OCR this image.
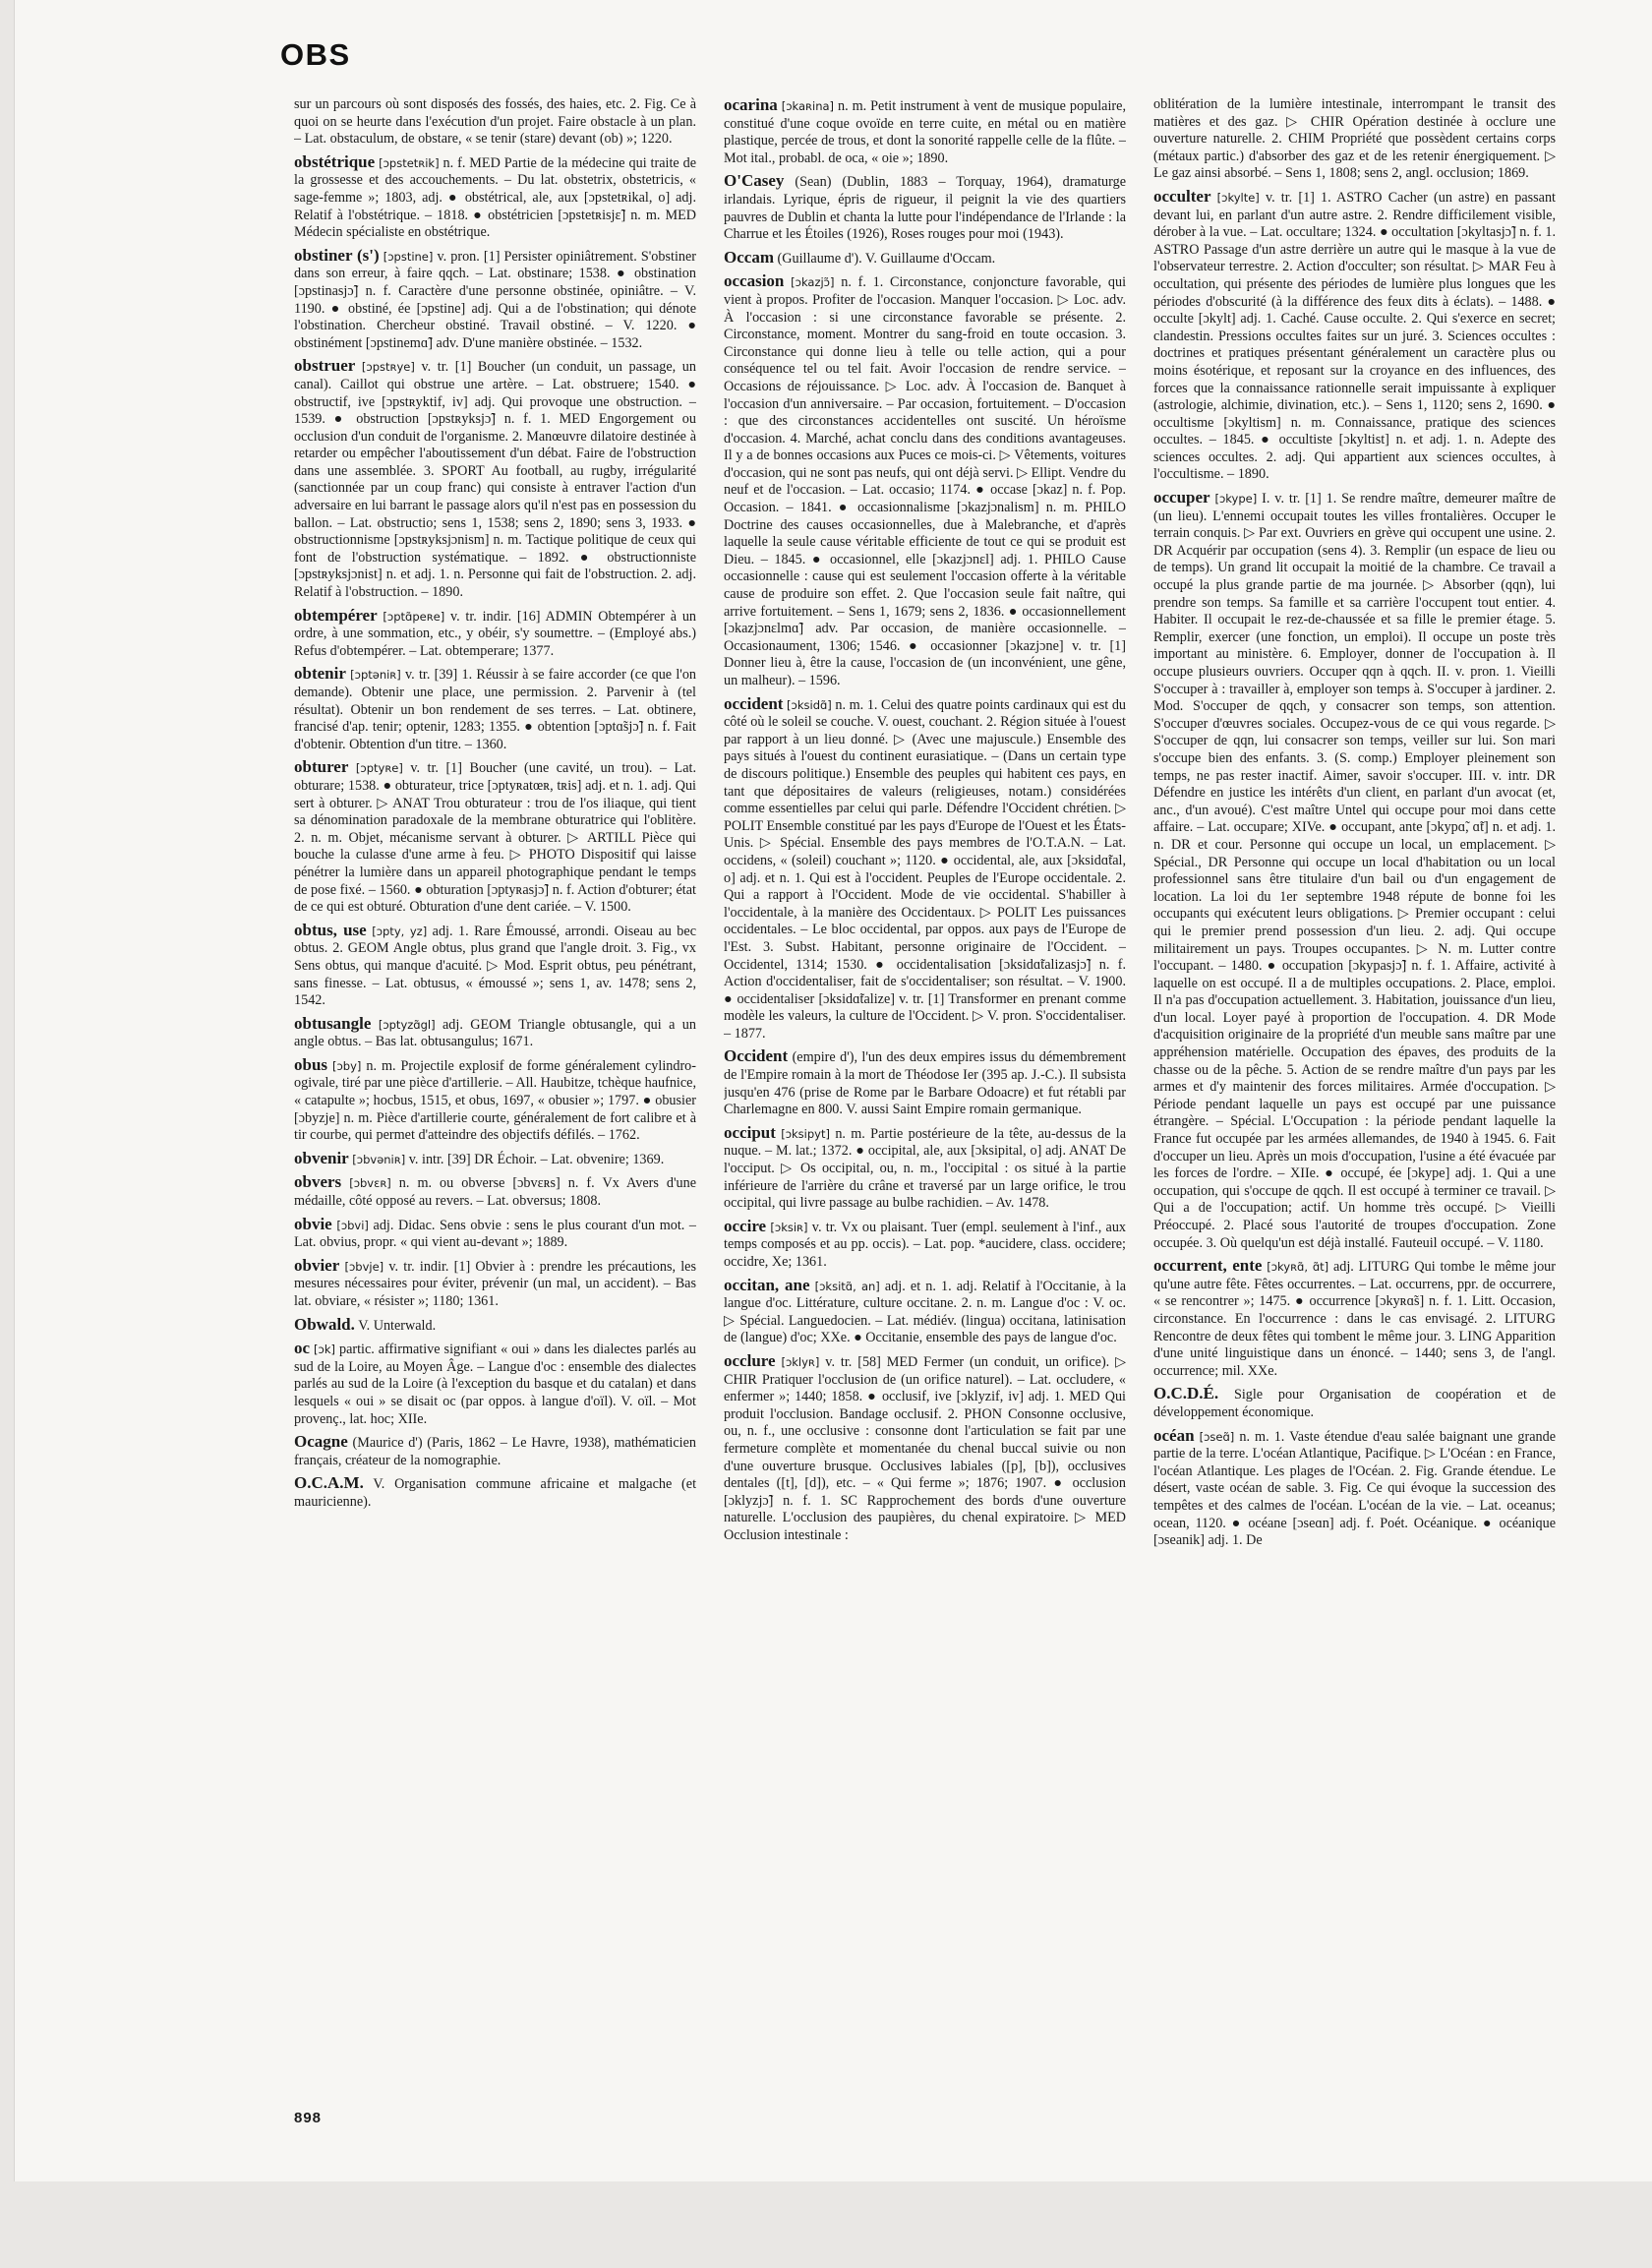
OBS

sur un parcours où sont disposés des fossés, des haies, etc. 2. Fig. Ce à quoi on se heurte dans l'exécution d'un projet. Faire obstacle à un plan. – Lat. obstaculum, de obstare, « se tenir (stare) devant (ob) »; 1220.

obstétrique [ɔpstetʀik] n. f. MED Partie de la médecine qui traite de la grossesse et des accouchements. – Du lat. obstetrix, obstetricis, « sage-femme »; 1803, adj. ● obstétrical, ale, aux [ɔpstetʀikal, o] adj. Relatif à l'obstétrique. – 1818. ● obstétricien [ɔpstetʀisjɛ̃] n. m. MED Médecin spécialiste en obstétrique.

obstiner (s') [ɔpstine] v. pron. [1] Persister opiniâtrement. S'obstiner dans son erreur, à faire qqch. – Lat. obstinare; 1538. ● obstination [ɔpstinasjɔ̃] n. f. Caractère d'une personne obstinée, opiniâtre. – V. 1190. ● obstiné, ée [ɔpstine] adj. Qui a de l'obstination; qui dénote l'obstination. Chercheur obstiné. Travail obstiné. – V. 1220. ● obstinément [ɔpstinemɑ̃] adv. D'une manière obstinée. – 1532.

obstruer [ɔpstʀye] v. tr. [1] Boucher (un conduit, un passage, un canal). Caillot qui obstrue une artère. – Lat. obstruere; 1540. ● obstructif, ive [ɔpstʀyktif, iv] adj. Qui provoque une obstruction. – 1539. ● obstruction [ɔpstʀyksjɔ̃] n. f. 1. MED Engorgement ou occlusion d'un conduit de l'organisme. 2. Manœuvre dilatoire destinée à retarder ou empêcher l'aboutissement d'un débat. Faire de l'obstruction dans une assemblée. 3. SPORT Au football, au rugby, irrégularité (sanctionnée par un coup franc) qui consiste à entraver l'action d'un adversaire en lui barrant le passage alors qu'il n'est pas en possession du ballon. – Lat. obstructio; sens 1, 1538; sens 2, 1890; sens 3, 1933. ● obstructionnisme [ɔpstʀyksjɔnism] n. m. Tactique politique de ceux qui font de l'obstruction systématique. – 1892. ● obstructionniste [ɔpstʀyksjɔnist] n. et adj. 1. n. Personne qui fait de l'obstruction. 2. adj. Relatif à l'obstruction. – 1890.

obtempérer [ɔptɑ̃peʀe] v. tr. indir. [16] ADMIN Obtempérer à un ordre, à une sommation, etc., y obéir, s'y soumettre. – (Employé abs.) Refus d'obtempérer. – Lat. obtemperare; 1377.

obtenir [ɔptəniʀ] v. tr. [39] 1. Réussir à se faire accorder (ce que l'on demande). Obtenir une place, une permission. 2. Parvenir à (tel résultat). Obtenir un bon rendement de ses terres. – Lat. obtinere, francisé d'ap. tenir; optenir, 1283; 1355. ● obtention [ɔptɑ̃sjɔ̃] n. f. Fait d'obtenir. Obtention d'un titre. – 1360.

obturer [ɔptyʀe] v. tr. [1] Boucher (une cavité, un trou). – Lat. obturare; 1538. ● obturateur, trice [ɔptyʀatœʀ, tʀis] adj. et n. 1. adj. Qui sert à obturer. ▷ ANAT Trou obturateur : trou de l'os iliaque, qui tient sa dénomination paradoxale de la membrane obturatrice qui l'oblitère. 2. n. m. Objet, mécanisme servant à obturer. ▷ ARTILL Pièce qui bouche la culasse d'une arme à feu. ▷ PHOTO Dispositif qui laisse pénétrer la lumière dans un appareil photographique pendant le temps de pose fixé. – 1560. ● obturation [ɔptyʀasjɔ̃] n. f. Action d'obturer; état de ce qui est obturé. Obturation d'une dent cariée. – V. 1500.

obtus, use [ɔpty, yz] adj. 1. Rare Émoussé, arrondi. Oiseau au bec obtus. 2. GEOM Angle obtus, plus grand que l'angle droit. 3. Fig., vx Sens obtus, qui manque d'acuité. ▷ Mod. Esprit obtus, peu pénétrant, sans finesse. – Lat. obtusus, « émoussé »; sens 1, av. 1478; sens 2, 1542.

obtusangle [ɔptyzɑ̃gl] adj. GEOM Triangle obtusangle, qui a un angle obtus. – Bas lat. obtusangulus; 1671.

obus [ɔby] n. m. Projectile explosif de forme généralement cylindro-ogivale, tiré par une pièce d'artillerie. – All. Haubitze, tchèque haufnice, « catapulte »; hocbus, 1515, et obus, 1697, « obusier »; 1797. ● obusier [ɔbyzje] n. m. Pièce d'artillerie courte, généralement de fort calibre et à tir courbe, qui permet d'atteindre des objectifs défilés. – 1762.

obvenir [ɔbvəniʀ] v. intr. [39] DR Échoir. – Lat. obvenire; 1369.

obvers [ɔbvɛʀ] n. m. ou obverse [ɔbvɛʀs] n. f. Vx Avers d'une médaille, côté opposé au revers. – Lat. obversus; 1808.

obvie [ɔbvi] adj. Didac. Sens obvie : sens le plus courant d'un mot. – Lat. obvius, propr. « qui vient au-devant »; 1889.

obvier [ɔbvje] v. tr. indir. [1] Obvier à : prendre les précautions, les mesures nécessaires pour éviter, prévenir (un mal, un accident). – Bas lat. obviare, « résister »; 1180; 1361.

Obwald. V. Unterwald.

oc [ɔk] partic. affirmative signifiant « oui » dans les dialectes parlés au sud de la Loire, au Moyen Âge. – Langue d'oc : ensemble des dialectes parlés au sud de la Loire (à l'exception du basque et du catalan) et dans lesquels « oui » se disait oc (par oppos. à langue d'oïl). V. oïl. – Mot provenç., lat. hoc; XIIe.

Ocagne (Maurice d') (Paris, 1862 – Le Havre, 1938), mathématicien français, créateur de la nomographie.

O.C.A.M. V. Organisation commune africaine et malgache (et mauricienne).

ocarina [ɔkaʀina] n. m. Petit instrument à vent de musique populaire, constitué d'une coque ovoïde en terre cuite, en métal ou en matière plastique, percée de trous, et dont la sonorité rappelle celle de la flûte. – Mot ital., probabl. de oca, « oie »; 1890.

O'Casey (Sean) (Dublin, 1883 – Torquay, 1964), dramaturge irlandais. Lyrique, épris de rigueur, il peignit la vie des quartiers pauvres de Dublin et chanta la lutte pour l'indépendance de l'Irlande : la Charrue et les Étoiles (1926), Roses rouges pour moi (1943).

Occam (Guillaume d'). V. Guillaume d'Occam.

occasion [ɔkazjɔ̃] n. f. 1. Circonstance, conjoncture favorable, qui vient à propos. Profiter de l'occasion. Manquer l'occasion. ▷ Loc. adv. À l'occasion : si une circonstance favorable se présente. 2. Circonstance, moment. Montrer du sang-froid en toute occasion. 3. Circonstance qui donne lieu à telle ou telle action, qui a pour conséquence tel ou tel fait. Avoir l'occasion de rendre service. – Occasions de réjouissance. ▷ Loc. adv. À l'occasion de. Banquet à l'occasion d'un anniversaire. – Par occasion, fortuitement. – D'occasion : que des circonstances accidentelles ont suscité. Un héroïsme d'occasion. 4. Marché, achat conclu dans des conditions avantageuses. Il y a de bonnes occasions aux Puces ce mois-ci. ▷ Vêtements, voitures d'occasion, qui ne sont pas neufs, qui ont déjà servi. ▷ Ellipt. Vendre du neuf et de l'occasion. – Lat. occasio; 1174. ● occase [ɔkaz] n. f. Pop. Occasion. – 1841. ● occasionnalisme [ɔkazjɔnalism] n. m. PHILO Doctrine des causes occasionnelles, due à Malebranche, et d'après laquelle la seule cause véritable efficiente de tout ce qui se produit est Dieu. – 1845. ● occasionnel, elle [ɔkazjɔnɛl] adj. 1. PHILO Cause occasionnelle : cause qui est seulement l'occasion offerte à la véritable cause de produire son effet. 2. Que l'occasion seule fait naître, qui arrive fortuitement. – Sens 1, 1679; sens 2, 1836. ● occasionnellement [ɔkazjɔnɛlmɑ̃] adv. Par occasion, de manière occasionnelle. – Occasionaument, 1306; 1546. ● occasionner [ɔkazjɔne] v. tr. [1] Donner lieu à, être la cause, l'occasion de (un inconvénient, une gêne, un malheur). – 1596.

occident [ɔksidɑ̃] n. m. 1. Celui des quatre points cardinaux qui est du côté où le soleil se couche. V. ouest, couchant. 2. Région située à l'ouest par rapport à un lieu donné. ▷ (Avec une majuscule.) Ensemble des pays situés à l'ouest du continent eurasiatique. – (Dans un certain type de discours politique.) Ensemble des peuples qui habitent ces pays, en tant que dépositaires de valeurs (religieuses, notam.) considérées comme essentielles par celui qui parle. Défendre l'Occident chrétien. ▷ POLIT Ensemble constitué par les pays d'Europe de l'Ouest et les États-Unis. ▷ Spécial. Ensemble des pays membres de l'O.T.A.N. – Lat. occidens, « (soleil) couchant »; 1120. ● occidental, ale, aux [ɔksidɑ̃tal, o] adj. et n. 1. Qui est à l'occident. Peuples de l'Europe occidentale. 2. Qui a rapport à l'Occident. Mode de vie occidental. S'habiller à l'occidentale, à la manière des Occidentaux. ▷ POLIT Les puissances occidentales. – Le bloc occidental, par oppos. aux pays de l'Europe de l'Est. 3. Subst. Habitant, personne originaire de l'Occident. – Occidentel, 1314; 1530. ● occidentalisation [ɔksidɑ̃talizasjɔ̃] n. f. Action d'occidentaliser, fait de s'occidentaliser; son résultat. – V. 1900. ● occidentaliser [ɔksidɑ̃talize] v. tr. [1] Transformer en prenant comme modèle les valeurs, la culture de l'Occident. ▷ V. pron. S'occidentaliser. – 1877.

Occident (empire d'), l'un des deux empires issus du démembrement de l'Empire romain à la mort de Théodose Ier (395 ap. J.-C.). Il subsista jusqu'en 476 (prise de Rome par le Barbare Odoacre) et fut rétabli par Charlemagne en 800. V. aussi Saint Empire romain germanique.

occiput [ɔksipyt] n. m. Partie postérieure de la tête, au-dessus de la nuque. – M. lat.; 1372. ● occipital, ale, aux [ɔksipital, o] adj. ANAT De l'occiput. ▷ Os occipital, ou, n. m., l'occipital : os situé à la partie inférieure de l'arrière du crâne et traversé par un large orifice, le trou occipital, qui livre passage au bulbe rachidien. – Av. 1478.

occire [ɔksiʀ] v. tr. Vx ou plaisant. Tuer (empl. seulement à l'inf., aux temps composés et au pp. occis). – Lat. pop. *aucidere, class. occidere; occidre, Xe; 1361.

occitan, ane [ɔksitɑ̃, an] adj. et n. 1. adj. Relatif à l'Occitanie, à la langue d'oc. Littérature, culture occitane. 2. n. m. Langue d'oc : V. oc. ▷ Spécial. Languedocien. – Lat. médiév. (lingua) occitana, latinisation de (langue) d'oc; XXe. ● Occitanie, ensemble des pays de langue d'oc.

occlure [ɔklyʀ] v. tr. [58] MED Fermer (un conduit, un orifice). ▷ CHIR Pratiquer l'occlusion de (un orifice naturel). – Lat. occludere, « enfermer »; 1440; 1858. ● occlusif, ive [ɔklyzif, iv] adj. 1. MED Qui produit l'occlusion. Bandage occlusif. 2. PHON Consonne occlusive, ou, n. f., une occlusive : consonne dont l'articulation se fait par une fermeture complète et momentanée du chenal buccal suivie ou non d'une ouverture brusque. Occlusives labiales ([p], [b]), occlusives dentales ([t], [d]), etc. – « Qui ferme »; 1876; 1907. ● occlusion [ɔklyzjɔ̃] n. f. 1. SC Rapprochement des bords d'une ouverture naturelle. L'occlusion des paupières, du chenal expiratoire. ▷ MED Occlusion intestinale :

oblitération de la lumière intestinale, interrompant le transit des matières et des gaz. ▷ CHIR Opération destinée à occlure une ouverture naturelle. 2. CHIM Propriété que possèdent certains corps (métaux partic.) d'absorber des gaz et de les retenir énergiquement. ▷ Le gaz ainsi absorbé. – Sens 1, 1808; sens 2, angl. occlusion; 1869.

occulter [ɔkylte] v. tr. [1] 1. ASTRO Cacher (un astre) en passant devant lui, en parlant d'un autre astre. 2. Rendre difficilement visible, dérober à la vue. – Lat. occultare; 1324. ● occultation [ɔkyltasjɔ̃] n. f. 1. ASTRO Passage d'un astre derrière un autre qui le masque à la vue de l'observateur terrestre. 2. Action d'occulter; son résultat. ▷ MAR Feu à occultation, qui présente des périodes de lumière plus longues que les périodes d'obscurité (à la différence des feux dits à éclats). – 1488. ● occulte [ɔkylt] adj. 1. Caché. Cause occulte. 2. Qui s'exerce en secret; clandestin. Pressions occultes faites sur un juré. 3. Sciences occultes : doctrines et pratiques présentant généralement un caractère plus ou moins ésotérique, et reposant sur la croyance en des influences, des forces que la connaissance rationnelle serait impuissante à expliquer (astrologie, alchimie, divination, etc.). – Sens 1, 1120; sens 2, 1690. ● occultisme [ɔkyltism] n. m. Connaissance, pratique des sciences occultes. – 1845. ● occultiste [ɔkyltist] n. et adj. 1. n. Adepte des sciences occultes. 2. adj. Qui appartient aux sciences occultes, à l'occultisme. – 1890.

occuper [ɔkype] I. v. tr. [1] 1. Se rendre maître, demeurer maître de (un lieu). L'ennemi occupait toutes les villes frontalières. Occuper le terrain conquis. ▷ Par ext. Ouvriers en grève qui occupent une usine. 2. DR Acquérir par occupation (sens 4). 3. Remplir (un espace de lieu ou de temps). Un grand lit occupait la moitié de la chambre. Ce travail a occupé la plus grande partie de ma journée. ▷ Absorber (qqn), lui prendre son temps. Sa famille et sa carrière l'occupent tout entier. 4. Habiter. Il occupait le rez-de-chaussée et sa fille le premier étage. 5. Remplir, exercer (une fonction, un emploi). Il occupe un poste très important au ministère. 6. Employer, donner de l'occupation à. Il occupe plusieurs ouvriers. Occuper qqn à qqch. II. v. pron. 1. Vieilli S'occuper à : travailler à, employer son temps à. S'occuper à jardiner. 2. Mod. S'occuper de qqch, y consacrer son temps, son attention. S'occuper d'œuvres sociales. Occupez-vous de ce qui vous regarde. ▷ S'occuper de qqn, lui consacrer son temps, veiller sur lui. Son mari s'occupe bien des enfants. 3. (S. comp.) Employer pleinement son temps, ne pas rester inactif. Aimer, savoir s'occuper. III. v. intr. DR Défendre en justice les intérêts d'un client, en parlant d'un avocat (et, anc., d'un avoué). C'est maître Untel qui occupe pour moi dans cette affaire. – Lat. occupare; XIVe. ● occupant, ante [ɔkypɑ̃, ɑ̃t] n. et adj. 1. n. DR et cour. Personne qui occupe un local, un emplacement. ▷ Spécial., DR Personne qui occupe un local d'habitation ou un local professionnel sans être titulaire d'un bail ou d'un engagement de location. La loi du 1er septembre 1948 répute de bonne foi les occupants qui exécutent leurs obligations. ▷ Premier occupant : celui qui le premier prend possession d'un lieu. 2. adj. Qui occupe militairement un pays. Troupes occupantes. ▷ N. m. Lutter contre l'occupant. – 1480. ● occupation [ɔkypasjɔ̃] n. f. 1. Affaire, activité à laquelle on est occupé. Il a de multiples occupations. 2. Place, emploi. Il n'a pas d'occupation actuellement. 3. Habitation, jouissance d'un lieu, d'un local. Loyer payé à proportion de l'occupation. 4. DR Mode d'acquisition originaire de la propriété d'un meuble sans maître par une appréhension matérielle. Occupation des épaves, des produits de la chasse ou de la pêche. 5. Action de se rendre maître d'un pays par les armes et d'y maintenir des forces militaires. Armée d'occupation. ▷ Période pendant laquelle un pays est occupé par une puissance étrangère. – Spécial. L'Occupation : la période pendant laquelle la France fut occupée par les armées allemandes, de 1940 à 1945. 6. Fait d'occuper un lieu. Après un mois d'occupation, l'usine a été évacuée par les forces de l'ordre. – XIIe. ● occupé, ée [ɔkype] adj. 1. Qui a une occupation, qui s'occupe de qqch. Il est occupé à terminer ce travail. ▷ Qui a de l'occupation; actif. Un homme très occupé. ▷ Vieilli Préoccupé. 2. Placé sous l'autorité de troupes d'occupation. Zone occupée. 3. Où quelqu'un est déjà installé. Fauteuil occupé. – V. 1180.

occurrent, ente [ɔkyʀɑ̃, ɑ̃t] adj. LITURG Qui tombe le même jour qu'une autre fête. Fêtes occurrentes. – Lat. occurrens, ppr. de occurrere, « se rencontrer »; 1475. ● occurrence [ɔkyʀɑ̃s] n. f. 1. Litt. Occasion, circonstance. En l'occurrence : dans le cas envisagé. 2. LITURG Rencontre de deux fêtes qui tombent le même jour. 3. LING Apparition d'une unité linguistique dans un énoncé. – 1440; sens 3, de l'angl. occurrence; mil. XXe.

O.C.D.É. Sigle pour Organisation de coopération et de développement économique.

océan [ɔseɑ̃] n. m. 1. Vaste étendue d'eau salée baignant une grande partie de la terre. L'océan Atlantique, Pacifique. ▷ L'Océan : en France, l'océan Atlantique. Les plages de l'Océan. 2. Fig. Grande étendue. Le désert, vaste océan de sable. 3. Fig. Ce qui évoque la succession des tempêtes et des calmes de l'océan. L'océan de la vie. – Lat. oceanus; ocean, 1120. ● océane [ɔseɑn] adj. f. Poét. Océanique. ● océanique [ɔseanik] adj. 1. De

898
